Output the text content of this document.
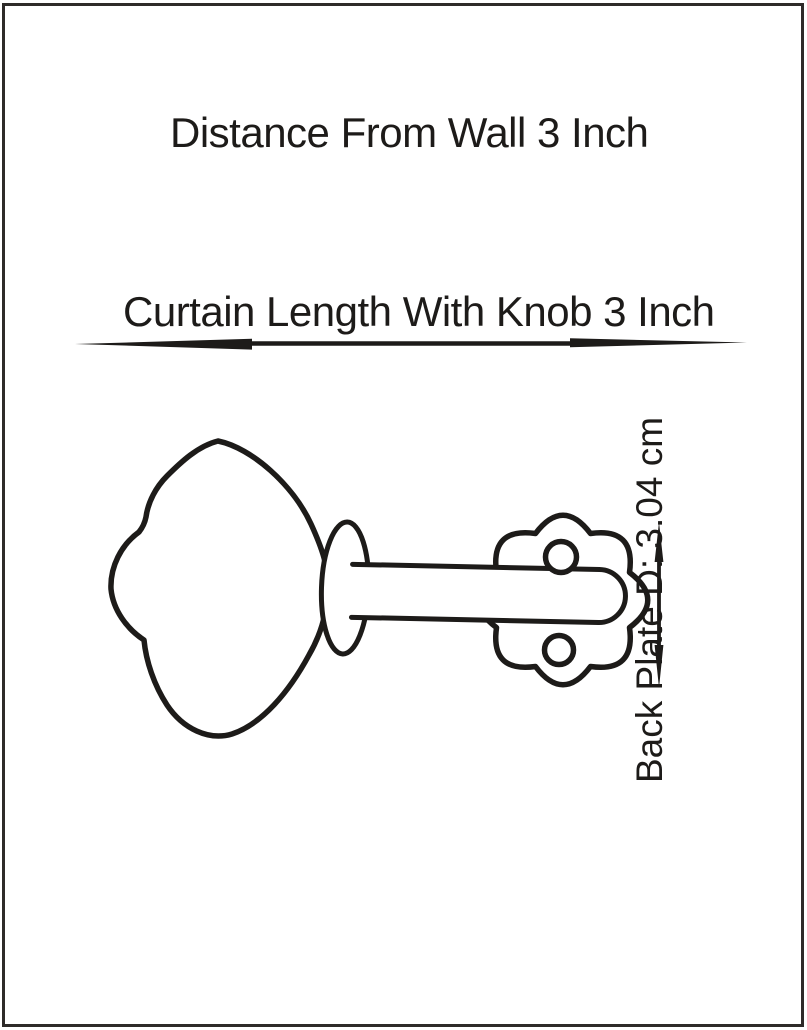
Distance From Wall 3 Inch
Curtain Length With Knob 3 Inch
Back Plate D: 3.04 cm
